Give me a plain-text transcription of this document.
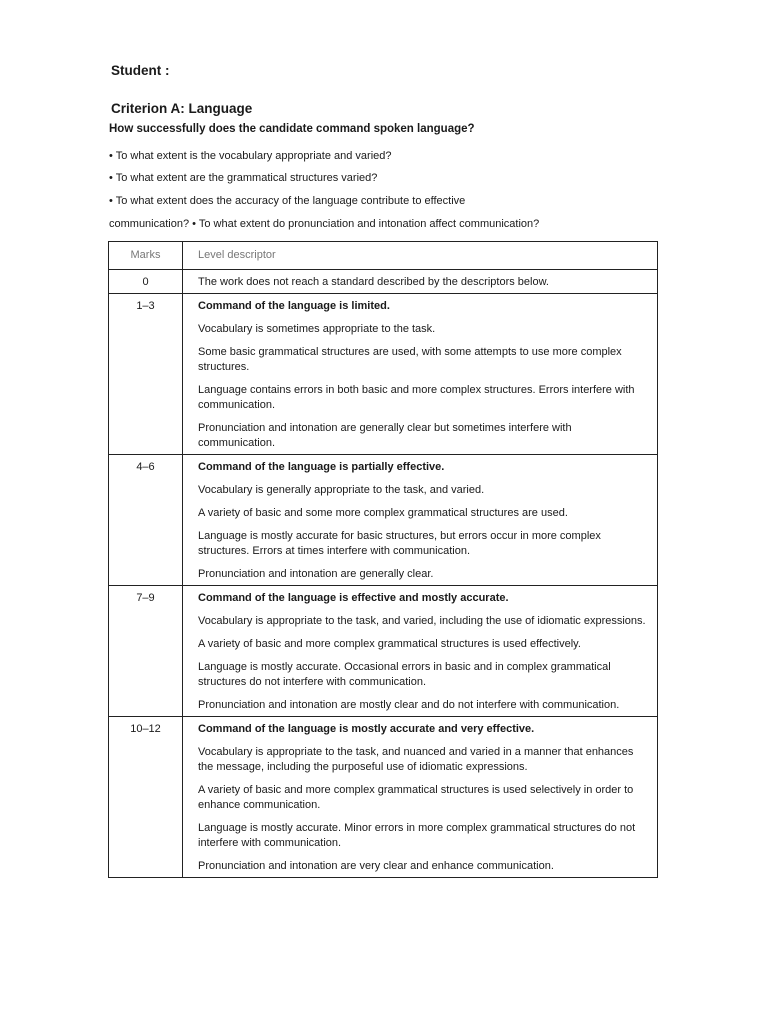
Student :
Criterion A: Language
How successfully does the candidate command spoken language?
• To what extent is the vocabulary appropriate and varied?
• To what extent are the grammatical structures varied?
• To what extent does the accuracy of the language contribute to effective
communication? • To what extent do pronunciation and intonation affect communication?
Marks	Level descriptor
0	The work does not reach a standard described by the descriptors below.

1–3	Command of the language is limited.
Vocabulary is sometimes appropriate to the task.
Some basic grammatical structures are used, with some attempts to use more complex structures.
Language contains errors in both basic and more complex structures. Errors interfere with communication.
Pronunciation and intonation are generally clear but sometimes interfere with communication.

4–6	Command of the language is partially effective.
Vocabulary is generally appropriate to the task, and varied.
A variety of basic and some more complex grammatical structures are used.
Language is mostly accurate for basic structures, but errors occur in more complex structures. Errors at times interfere with communication.
Pronunciation and intonation are generally clear.

7–9	Command of the language is effective and mostly accurate.
Vocabulary is appropriate to the task, and varied, including the use of idiomatic expressions.
A variety of basic and more complex grammatical structures is used effectively.
Language is mostly accurate. Occasional errors in basic and in complex grammatical structures do not interfere with communication.
Pronunciation and intonation are mostly clear and do not interfere with communication.

10–12	Command of the language is mostly accurate and very effective.
Vocabulary is appropriate to the task, and nuanced and varied in a manner that enhances the message, including the purposeful use of idiomatic expressions.
A variety of basic and more complex grammatical structures is used selectively in order to enhance communication.
Language is mostly accurate. Minor errors in more complex grammatical structures do not interfere with communication.
Pronunciation and intonation are very clear and enhance communication.
